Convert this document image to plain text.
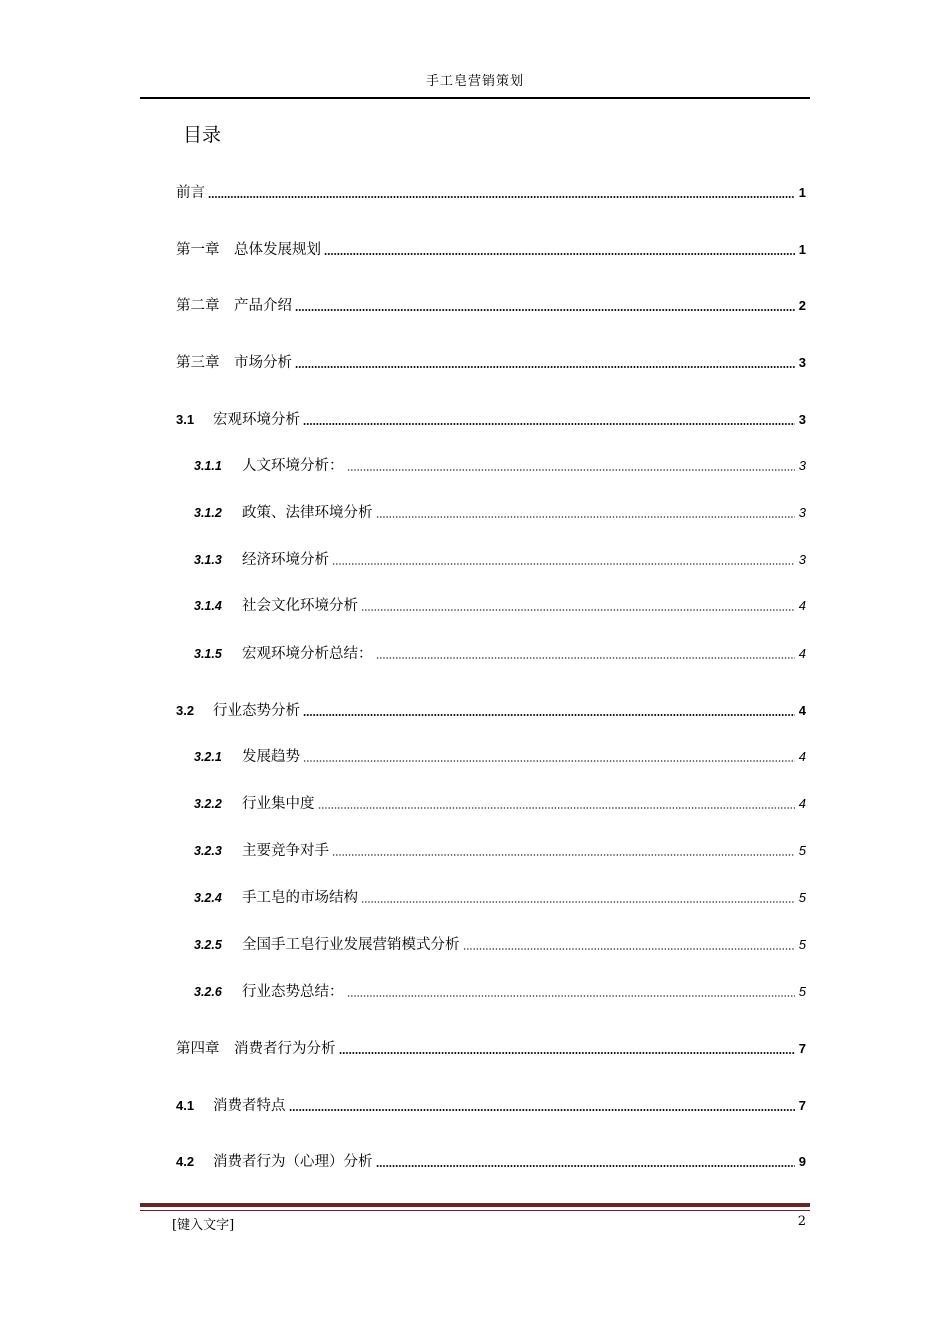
手工皂营销策划
目录
前言	1
第一章　总体发展规划	1
第二章　产品介绍	2
第三章　市场分析	3
3.1	宏观环境分析	3
3.1.1	人文环境分析：	3
3.1.2	政策、法律环境分析	3
3.1.3	经济环境分析	3
3.1.4	社会文化环境分析	4
3.1.5	宏观环境分析总结：	4
3.2	行业态势分析	4
3.2.1	发展趋势	4
3.2.2	行业集中度	4
3.2.3	主要竞争对手	5
3.2.4	手工皂的市场结构	5
3.2.5	全国手工皂行业发展营销模式分析	5
3.2.6	行业态势总结：	5
第四章　消费者行为分析	7
4.1	消费者特点	7
4.2	消费者行为（心理）分析	9
[键入文字]	2
